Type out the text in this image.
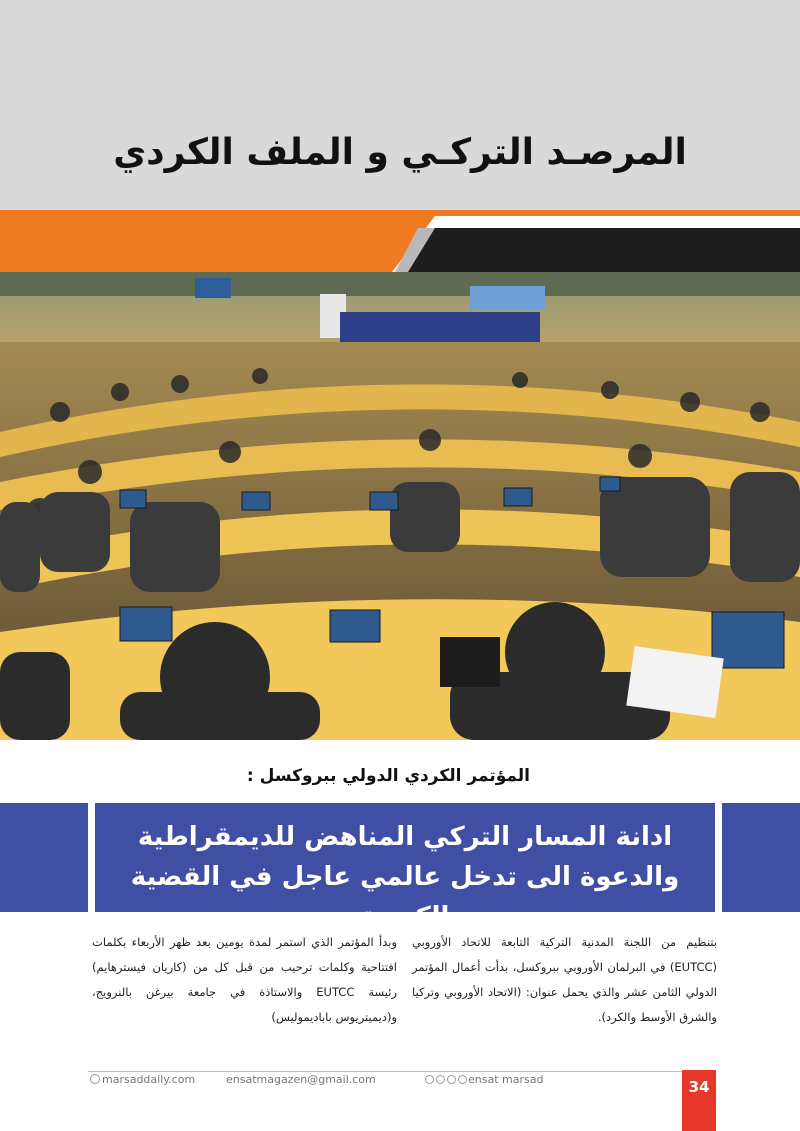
المرصـد التركـي و الملف الكردي
المؤتمر الكردي الدولي ببروكسل :
ادانة المسار التركي المناهض للديمقراطية
والدعوة الى تدخل عالمي عاجل في القضية الكردية
بتنظيم من اللجنة المدنية التركية التابعة للاتحاد الأوروبي (EUTCC) في البرلمان الأوروبي ببروكسل، بدأت أعمال المؤتمر الدولي الثامن عشر والذي يحمل عنوان: (الاتحاد الأوروبي وتركيا والشرق الأوسط والكرد).
وبدأ المؤتمر الذي استمر لمدة يومين بعد ظهر الأربعاء بكلمات افتتاحية وكلمات ترحيب من قبل كل من (كاريان فيسترهايم) رئيسة EUTCC والاستاذة في جامعة بيرغن بالنرويج، و(ديميتريوس باباديموليس)
marsaddaily.com	ensatmagazen@gmail.com	ensat marsad	34
